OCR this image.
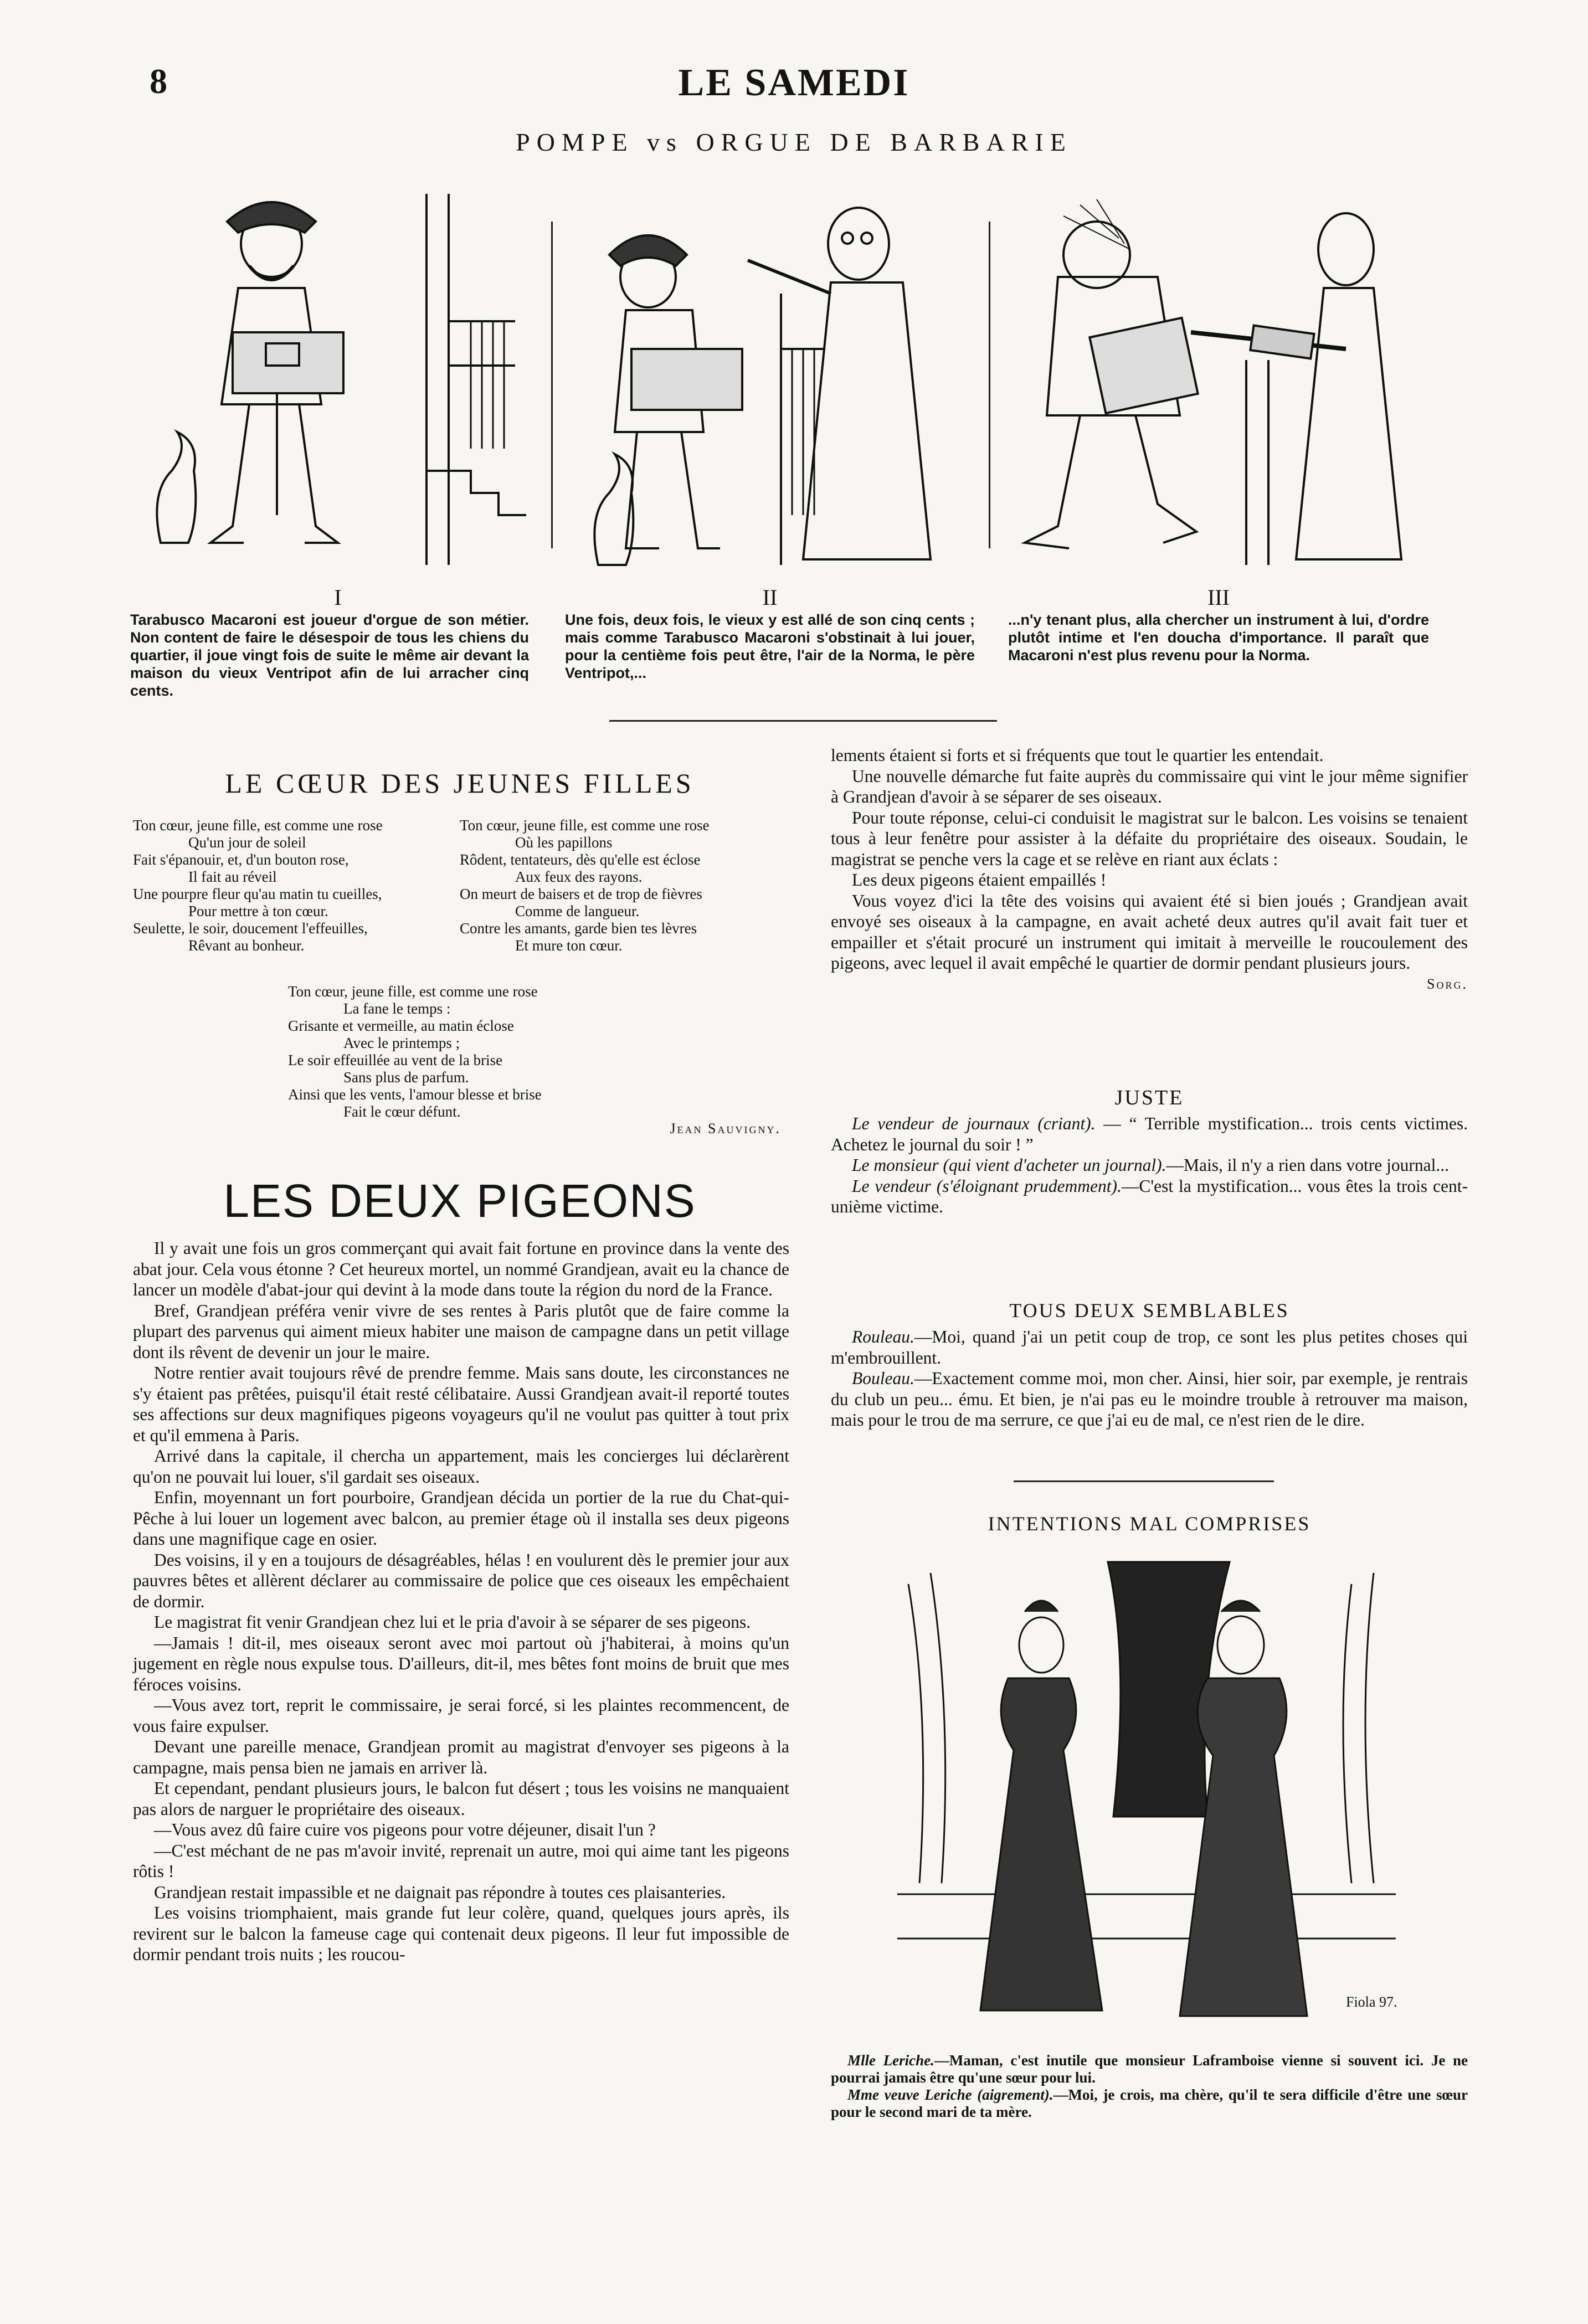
8	LE SAMEDI
POMPE vs ORGUE DE BARBARIE
I	II	III
Tarabusco Macaroni est joueur d'orgue de son métier. Non content de faire le désespoir de tous les chiens du quartier, il joue vingt fois de suite le même air devant la maison du vieux Ventripot afin de lui arracher cinq cents.
Une fois, deux fois, le vieux y est allé de son cinq cents ; mais comme Tarabusco Macaroni s'obstinait à lui jouer, pour la centième fois peut être, l'air de la Norma, le père Ventripot,...
...n'y tenant plus, alla chercher un instrument à lui, d'ordre plutôt intime et l'en doucha d'importance. Il paraît que Macaroni n'est plus revenu pour la Norma.
LE CŒUR DES JEUNES FILLES
Ton cœur, jeune fille, est comme une rose
Qu'un jour de soleil
Fait s'épanouir, et, d'un bouton rose,
Il fait au réveil
Une pourpre fleur qu'au matin tu cueilles,
Pour mettre à ton cœur.
Seulette, le soir, doucement l'effeuilles,
Rêvant au bonheur.
Ton cœur, jeune fille, est comme une rose
Où les papillons
Rôdent, tentateurs, dès qu'elle est éclose
Aux feux des rayons.
On meurt de baisers et de trop de fièvres
Comme de langueur.
Contre les amants, garde bien tes lèvres
Et mure ton cœur.
Ton cœur, jeune fille, est comme une rose
La fane le temps :
Grisante et vermeille, au matin éclose
Avec le printemps ;
Le soir effeuillée au vent de la brise
Sans plus de parfum.
Ainsi que les vents, l'amour blesse et brise
Fait le cœur défunt.
Jean Sauvigny.
LES DEUX PIGEONS

Il y avait une fois un gros commerçant qui avait fait fortune en province dans la vente des abat jour. Cela vous étonne ? Cet heureux mortel, un nommé Grandjean, avait eu la chance de lancer un modèle d'abat-jour qui devint à la mode dans toute la région du nord de la France.

Bref, Grandjean préféra venir vivre de ses rentes à Paris plutôt que de faire comme la plupart des parvenus qui aiment mieux habiter une maison de campagne dans un petit village dont ils rêvent de devenir un jour le maire.

Notre rentier avait toujours rêvé de prendre femme. Mais sans doute, les circonstances ne s'y étaient pas prêtées, puisqu'il était resté célibataire. Aussi Grandjean avait-il reporté toutes ses affections sur deux magnifiques pigeons voyageurs qu'il ne voulut pas quitter à tout prix et qu'il emmena à Paris.

Arrivé dans la capitale, il chercha un appartement, mais les concierges lui déclarèrent qu'on ne pouvait lui louer, s'il gardait ses oiseaux.

Enfin, moyennant un fort pourboire, Grandjean décida un portier de la rue du Chat-qui-Pêche à lui louer un logement avec balcon, au premier étage où il installa ses deux pigeons dans une magnifique cage en osier.

Des voisins, il y en a toujours de désagréables, hélas ! en voulurent dès le premier jour aux pauvres bêtes et allèrent déclarer au commissaire de police que ces oiseaux les empêchaient de dormir.

Le magistrat fit venir Grandjean chez lui et le pria d'avoir à se séparer de ses pigeons.

—Jamais ! dit-il, mes oiseaux seront avec moi partout où j'habiterai, à moins qu'un jugement en règle nous expulse tous. D'ailleurs, dit-il, mes bêtes font moins de bruit que mes féroces voisins.

—Vous avez tort, reprit le commissaire, je serai forcé, si les plaintes recommencent, de vous faire expulser.

Devant une pareille menace, Grandjean promit au magistrat d'envoyer ses pigeons à la campagne, mais pensa bien ne jamais en arriver là.

Et cependant, pendant plusieurs jours, le balcon fut désert ; tous les voisins ne manquaient pas alors de narguer le propriétaire des oiseaux.

—Vous avez dû faire cuire vos pigeons pour votre déjeuner, disait l'un ?

—C'est méchant de ne pas m'avoir invité, reprenait un autre, moi qui aime tant les pigeons rôtis !

Grandjean restait impassible et ne daignait pas répondre à toutes ces plaisanteries.

Les voisins triomphaient, mais grande fut leur colère, quand, quelques jours après, ils revirent sur le balcon la fameuse cage qui contenait deux pigeons. Il leur fut impossible de dormir pendant trois nuits ; les roucou-

lements étaient si forts et si fréquents que tout le quartier les entendait.

Une nouvelle démarche fut faite auprès du commissaire qui vint le jour même signifier à Grandjean d'avoir à se séparer de ses oiseaux.

Pour toute réponse, celui-ci conduisit le magistrat sur le balcon. Les voisins se tenaient tous à leur fenêtre pour assister à la défaite du propriétaire des oiseaux. Soudain, le magistrat se penche vers la cage et se relève en riant aux éclats :

Les deux pigeons étaient empaillés !

Vous voyez d'ici la tête des voisins qui avaient été si bien joués ; Grandjean avait envoyé ses oiseaux à la campagne, en avait acheté deux autres qu'il avait fait tuer et empailler et s'était procuré un instrument qui imitait à merveille le roucoulement des pigeons, avec lequel il avait empêché le quartier de dormir pendant plusieurs jours.

Sorg.
JUSTE

Le vendeur de journaux (criant). — “ Terrible mystification... trois cents victimes. Achetez le journal du soir ! ”

Le monsieur (qui vient d'acheter un journal).—Mais, il n'y a rien dans votre journal...

Le vendeur (s'éloignant prudemment).—C'est la mystification... vous êtes la trois cent-unième victime.

TOUS DEUX SEMBLABLES

Rouleau.—Moi, quand j'ai un petit coup de trop, ce sont les plus petites choses qui m'embrouillent.

Bouleau.—Exactement comme moi, mon cher. Ainsi, hier soir, par exemple, je rentrais du club un peu... ému. Et bien, je n'ai pas eu le moindre trouble à retrouver ma maison, mais pour le trou de ma serrure, ce que j'ai eu de mal, ce n'est rien de le dire.

INTENTIONS MAL COMPRISES
Fiola 97.
Mlle Leriche.—Maman, c'est inutile que monsieur Laframboise vienne si souvent ici. Je ne pourrai jamais être qu'une sœur pour lui.
Mme veuve Leriche (aigrement).—Moi, je crois, ma chère, qu'il te sera difficile d'être une sœur pour le second mari de ta mère.
